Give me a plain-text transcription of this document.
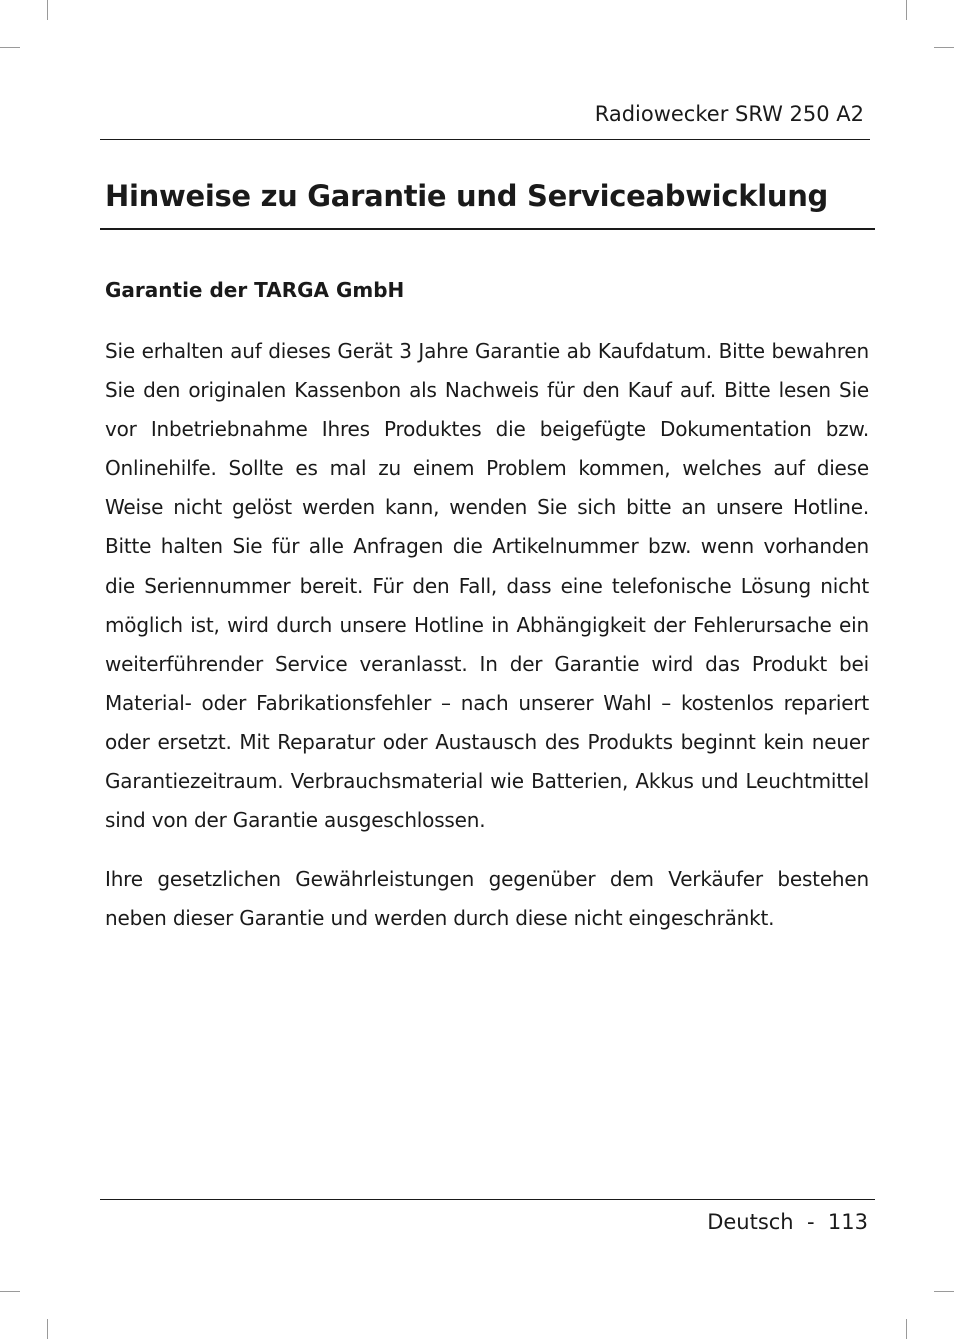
Radiowecker SRW 250 A2
Hinweise zu Garantie und Serviceabwicklung
Garantie der TARGA GmbH

Sie erhalten auf dieses Gerät 3 Jahre Garantie ab Kaufdatum. Bitte bewahren Sie den originalen Kassenbon als Nachweis für den Kauf auf. Bitte lesen Sie vor Inbetriebnahme Ihres Produktes die beigefügte Dokumentation bzw. Onlinehilfe. Sollte es mal zu einem Problem kommen, welches auf diese Weise nicht gelöst werden kann, wenden Sie sich bitte an unsere Hotline. Bitte halten Sie für alle Anfragen die Artikelnummer bzw. wenn vorhanden die Seriennummer bereit. Für den Fall, dass eine telefonische Lösung nicht möglich ist, wird durch unsere Hotline in Abhängigkeit der Fehlerursache ein weiterführender Service veranlasst. In der Garantie wird das Produkt bei Material- oder Fabrikationsfehler – nach unserer Wahl – kostenlos repariert oder ersetzt. Mit Reparatur oder Austausch des Produkts beginnt kein neuer Garantiezeitraum. Verbrauchsmaterial wie Batterien, Akkus und Leuchtmittel sind von der Garantie ausgeschlossen.

Ihre gesetzlichen Gewährleistungen gegenüber dem Verkäufer bestehen neben dieser Garantie und werden durch diese nicht eingeschränkt.

Deutsch  -  113
